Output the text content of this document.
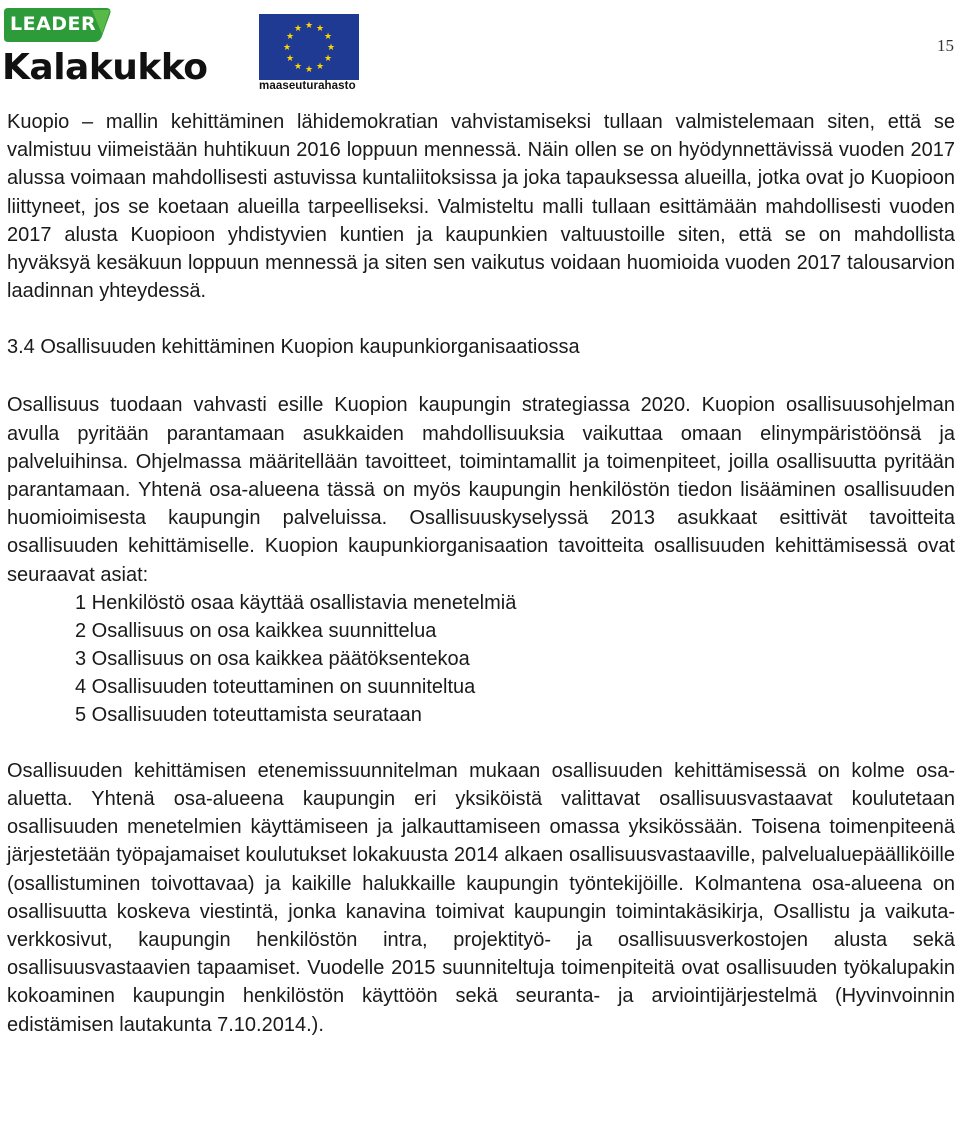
LEADER
Kalakukko
★ ★
★
★
★
★
★
★
★
★
★
★
maaseuturahasto
15

Kuopio – mallin kehittäminen lähidemokratian vahvistamiseksi tullaan valmistelemaan siten, että se valmistuu viimeistään huhtikuun 2016 loppuun mennessä. Näin ollen se on hyödynnettävissä vuoden 2017 alussa voimaan mahdollisesti astuvissa kuntaliitoksissa ja joka tapauksessa alueilla, jotka ovat jo Kuopioon liittyneet, jos se koetaan alueilla tarpeelliseksi. Valmisteltu malli tullaan esittämään mahdollisesti vuoden 2017 alusta Kuopioon yhdistyvien kuntien ja kaupunkien valtuustoille siten, että se on mahdollista hyväksyä kesäkuun loppuun mennessä ja siten sen vaikutus voidaan huomioida vuoden 2017 talousarvion laadinnan yhteydessä.

3.4 Osallisuuden kehittäminen Kuopion kaupunkiorganisaatiossa

Osallisuus tuodaan vahvasti esille Kuopion kaupungin strategiassa 2020. Kuopion osallisuusohjelman avulla pyritään parantamaan asukkaiden mahdollisuuksia vaikuttaa omaan elinympäristöönsä ja palveluihinsa. Ohjelmassa määritellään tavoitteet, toimintamallit ja toimenpiteet, joilla osallisuutta pyritään parantamaan. Yhtenä osa-alueena tässä on myös kaupungin henkilöstön tiedon lisääminen osallisuuden huomioimisesta kaupungin palveluissa. Osallisuuskyselyssä 2013 asukkaat esittivät tavoitteita osallisuuden kehittämiselle. Kuopion kaupunkiorganisaation tavoitteita osallisuuden kehittämisessä ovat seuraavat asiat:

1 Henkilöstö osaa käyttää osallistavia menetelmiä
2 Osallisuus on osa kaikkea suunnittelua
3 Osallisuus on osa kaikkea päätöksentekoa
4 Osallisuuden toteuttaminen on suunniteltua
5 Osallisuuden toteuttamista seurataan

Osallisuuden kehittämisen etenemissuunnitelman mukaan osallisuuden kehittämisessä on kolme osa-aluetta. Yhtenä osa-alueena kaupungin eri yksiköistä valittavat osallisuusvastaavat koulutetaan osallisuuden menetelmien käyttämiseen ja jalkauttamiseen omassa yksikössään. Toisena toimenpiteenä järjestetään työpajamaiset koulutukset lokakuusta 2014 alkaen osallisuusvastaaville, palvelualuepäälliköille (osallistuminen toivottavaa) ja kaikille halukkaille kaupungin työntekijöille. Kolmantena osa-alueena on osallisuutta koskeva viestintä, jonka kanavina toimivat kaupungin toimintakäsikirja, Osallistu ja vaikuta-verkkosivut, kaupungin henkilöstön intra, projektityö- ja osallisuusverkostojen alusta sekä osallisuusvastaavien tapaamiset. Vuodelle 2015 suunniteltuja toimenpiteitä ovat osallisuuden työkalupakin kokoaminen kaupungin henkilöstön käyttöön sekä seuranta- ja arviointijärjestelmä (Hyvinvoinnin edistämisen lautakunta 7.10.2014.).
